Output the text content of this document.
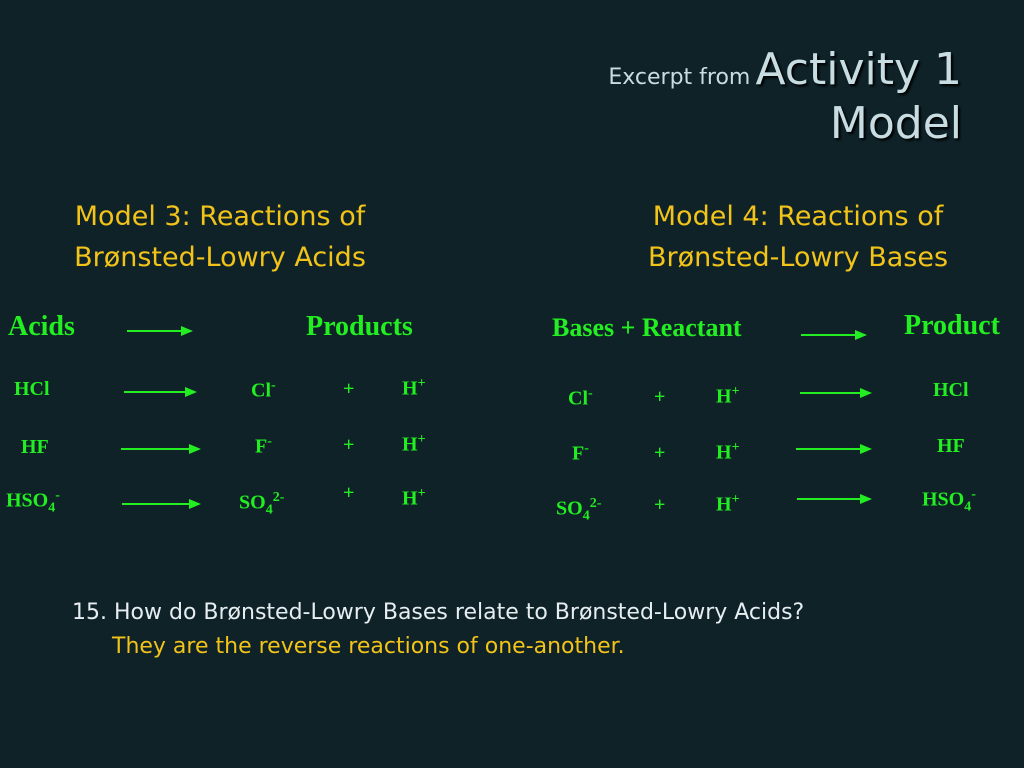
Excerpt from Activity 1
Model
Model 3: Reactions of
Brønsted-Lowry Acids
Model 4: Reactions of
Brønsted-Lowry Bases
Acids	Products
HCl	Cl-	+ H+
HF	F-	+ H+
$HSO_4^-$	$SO_4^{2-}$	+ H+
Bases + Reactant	Product
Cl-	+	H+	HCl
F-	+	H+	HF
$SO_4^{2-}$	+	H+	$HSO_4^-$
15. How do Brønsted-Lowry Bases relate to Brønsted-Lowry Acids?
They are the reverse reactions of one-another.
